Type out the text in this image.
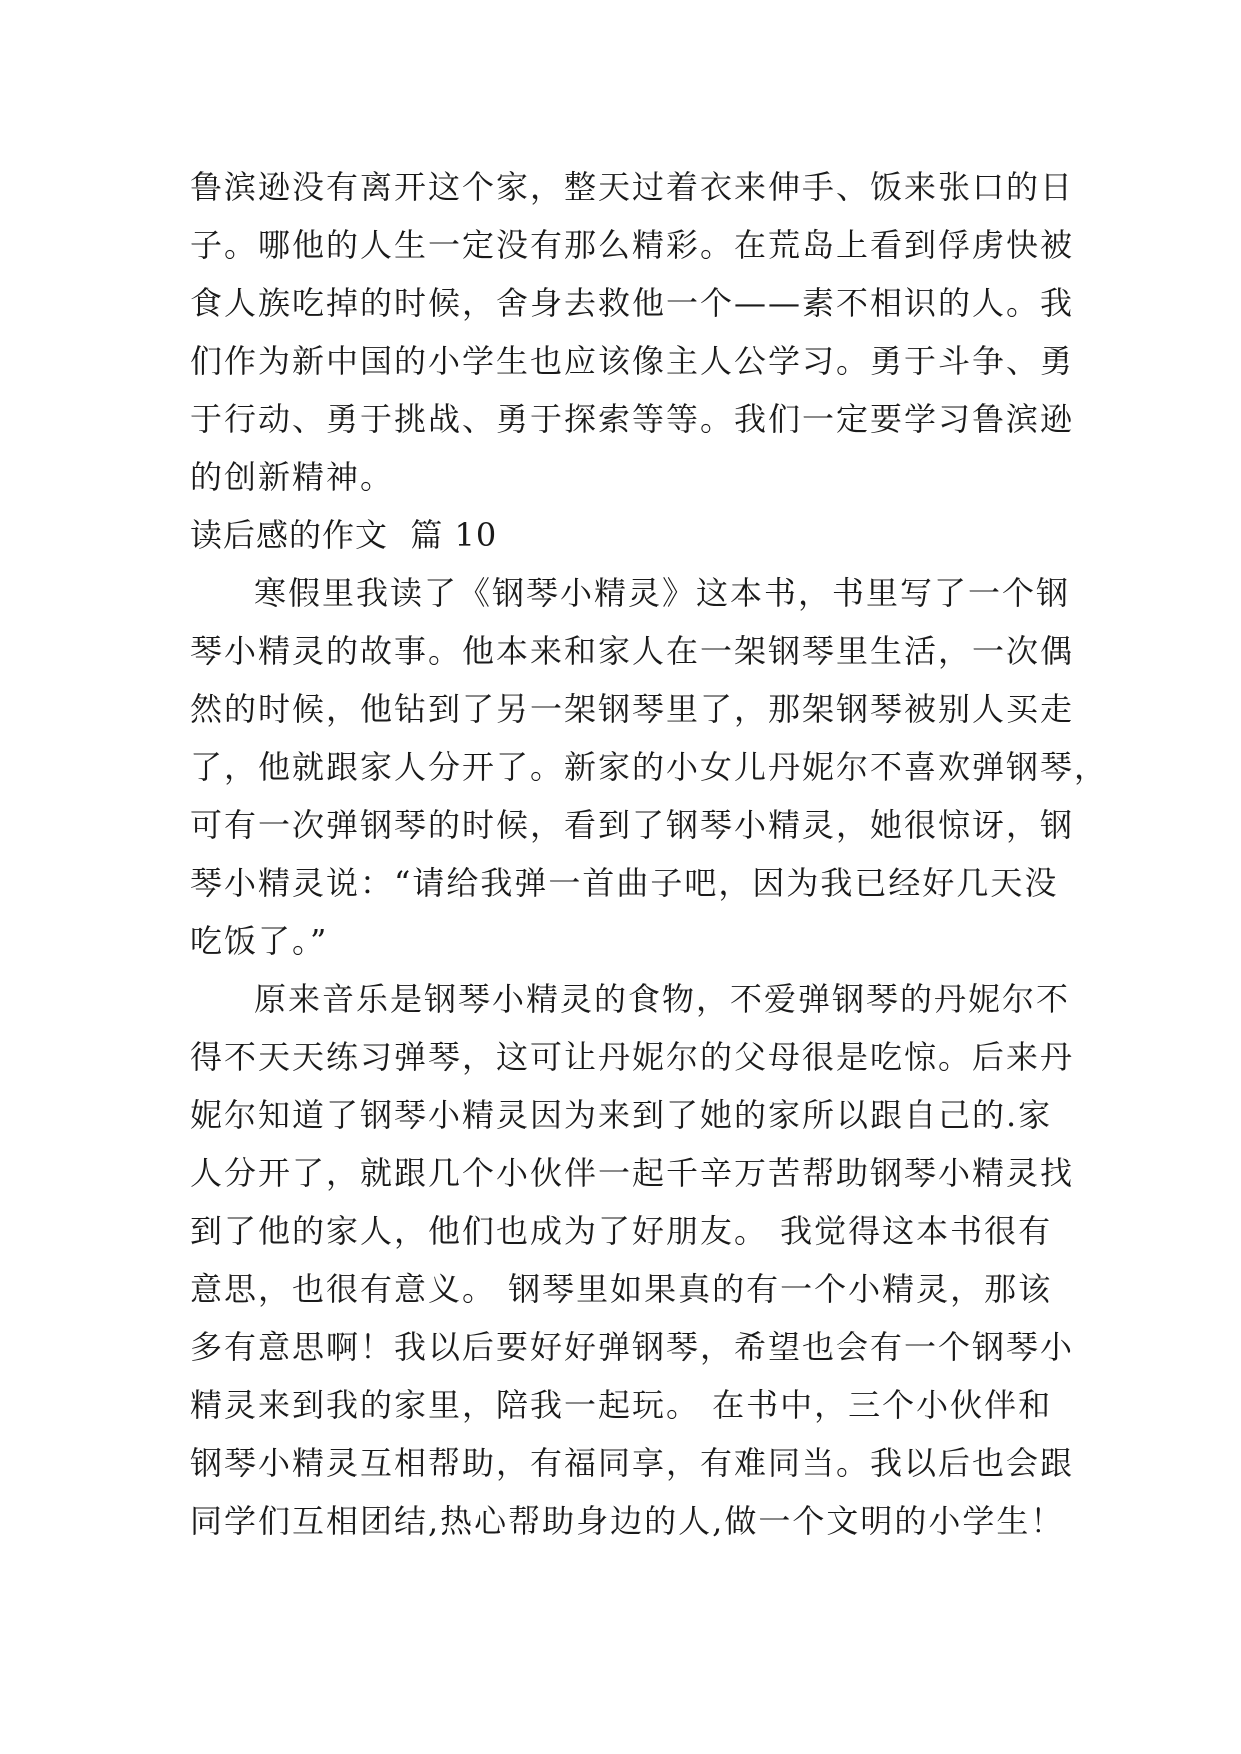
鲁滨逊没有离开这个家，整天过着衣来伸手、饭来张口的日
子。哪他的人生一定没有那么精彩。在荒岛上看到俘虏快被
食人族吃掉的时候，舍身去救他一个——素不相识的人。我
们作为新中国的小学生也应该像主人公学习。勇于斗争、勇
于行动、勇于挑战、勇于探索等等。我们一定要学习鲁滨逊
的创新精神。
读后感的作文  篇 10
寒假里我读了《钢琴小精灵》这本书，书里写了一个钢
琴小精灵的故事。他本来和家人在一架钢琴里生活，一次偶
然的时候，他钻到了另一架钢琴里了，那架钢琴被别人买走
了，他就跟家人分开了。新家的小女儿丹妮尔不喜欢弹钢琴，
可有一次弹钢琴的时候，看到了钢琴小精灵，她很惊讶，钢
琴小精灵说：“请给我弹一首曲子吧，因为我已经好几天没
吃饭了。”
原来音乐是钢琴小精灵的食物，不爱弹钢琴的丹妮尔不
得不天天练习弹琴，这可让丹妮尔的父母很是吃惊。后来丹
妮尔知道了钢琴小精灵因为来到了她的家所以跟自己的.家
人分开了，就跟几个小伙伴一起千辛万苦帮助钢琴小精灵找
到了他的家人，他们也成为了好朋友。 我觉得这本书很有
意思，也很有意义。 钢琴里如果真的有一个小精灵，那该
多有意思啊！我以后要好好弹钢琴，希望也会有一个钢琴小
精灵来到我的家里，陪我一起玩。 在书中，三个小伙伴和
钢琴小精灵互相帮助，有福同享，有难同当。我以后也会跟
同学们互相团结,热心帮助身边的人,做一个文明的小学生！
